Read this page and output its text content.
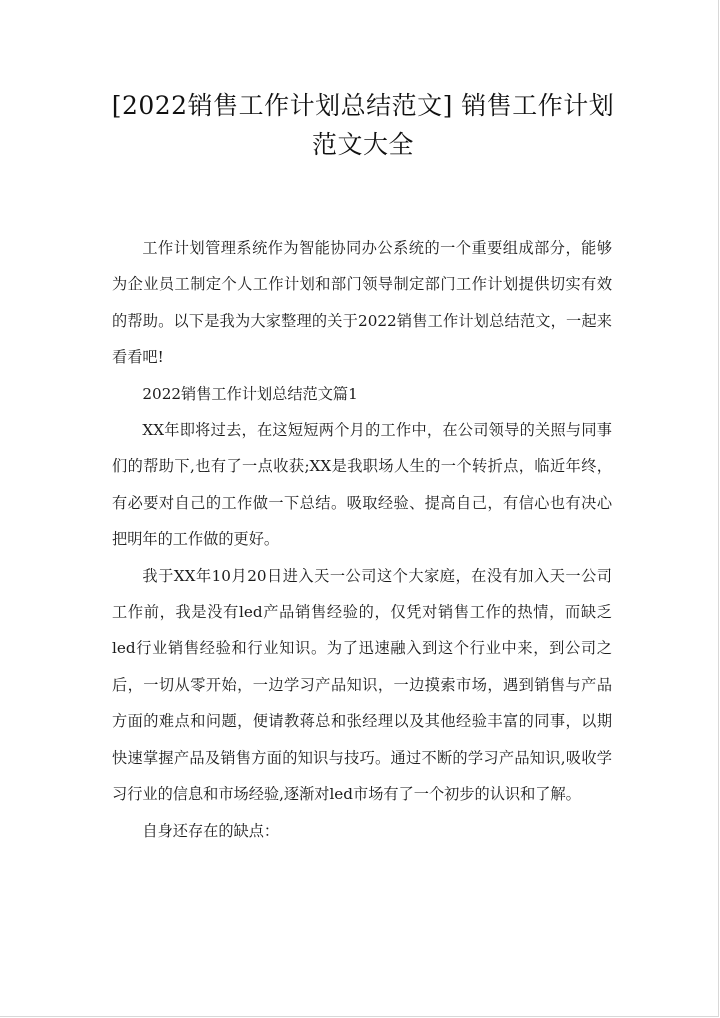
[2022销售工作计划总结范文] 销售工作计划范文大全

工作计划管理系统作为智能协同办公系统的一个重要组成部分，能够为企业员工制定个人工作计划和部门领导制定部门工作计划提供切实有效的帮助。以下是我为大家整理的关于2022销售工作计划总结范文，一起来看看吧!

2022销售工作计划总结范文篇1

XX年即将过去，在这短短两个月的工作中，在公司领导的关照与同事们的帮助下,也有了一点收获;XX是我职场人生的一个转折点，临近年终，有必要对自己的工作做一下总结。吸取经验、提高自己，有信心也有决心把明年的工作做的更好。

我于XX年10月20日进入天一公司这个大家庭，在没有加入天一公司工作前，我是没有led产品销售经验的，仅凭对销售工作的热情，而缺乏led行业销售经验和行业知识。为了迅速融入到这个行业中来，到公司之后，一切从零开始，一边学习产品知识，一边摸索市场，遇到销售与产品方面的难点和问题，便请教蒋总和张经理以及其他经验丰富的同事，以期快速掌握产品及销售方面的知识与技巧。通过不断的学习产品知识,吸收学习行业的信息和市场经验,逐渐对led市场有了一个初步的认识和了解。

自身还存在的缺点：
